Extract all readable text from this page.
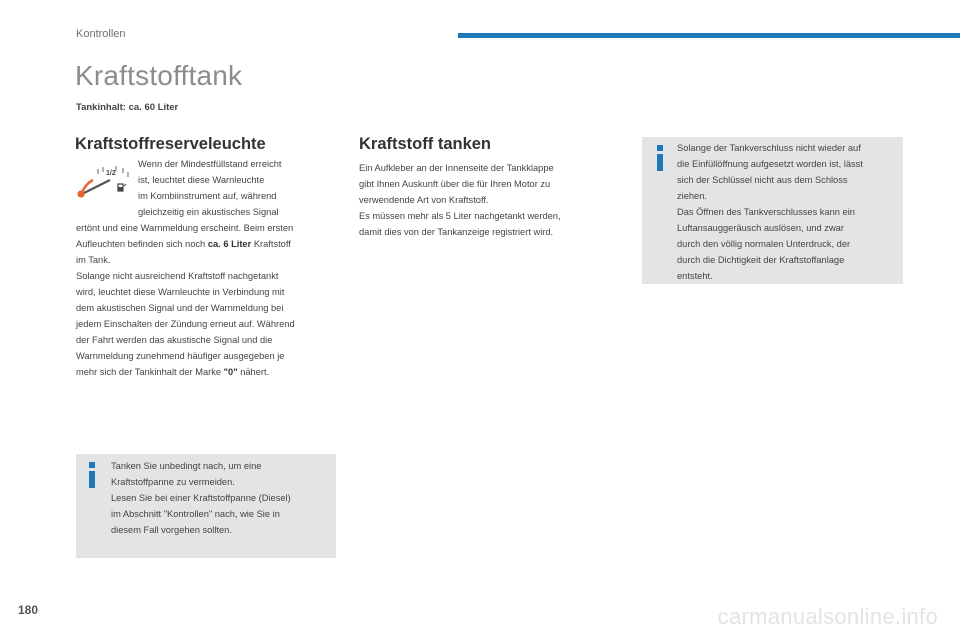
Kontrollen
Kraftstofftank
Tankinhalt: ca. 60 Liter
Kraftstoffreserveleuchte
1/2
Wenn der Mindestfüllstand erreicht
ist, leuchtet diese Warnleuchte
im Kombiinstrument auf, während
gleichzeitig ein akustisches Signal
ertönt und eine Warnmeldung erscheint. Beim ersten
Aufleuchten befinden sich noch ca. 6 Liter Kraftstoff
im Tank.
Solange nicht ausreichend Kraftstoff nachgetankt
wird, leuchtet diese Warnleuchte in Verbindung mit
dem akustischen Signal und der Warnmeldung bei
jedem Einschalten der Zündung erneut auf. Während
der Fahrt werden das akustische Signal und die
Warnmeldung zunehmend häufiger ausgegeben je
mehr sich der Tankinhalt der Marke "0" nähert.
Tanken Sie unbedingt nach, um eine
Kraftstoffpanne zu vermeiden.
Lesen Sie bei einer Kraftstoffpanne (Diesel)
im Abschnitt "Kontrollen" nach, wie Sie in
diesem Fall vorgehen sollten.
Kraftstoff tanken
Ein Aufkleber an der Innenseite der Tankklappe
gibt Ihnen Auskunft über die für Ihren Motor zu
verwendende Art von Kraftstoff.
Es müssen mehr als 5 Liter nachgetankt werden,
damit dies von der Tankanzeige registriert wird.
Solange der Tankverschluss nicht wieder auf
die Einfüllöffnung aufgesetzt worden ist, lässt
sich der Schlüssel nicht aus dem Schloss
ziehen.
Das Öffnen des Tankverschlusses kann ein
Luftansauggeräusch auslösen, und zwar
durch den völlig normalen Unterdruck, der
durch die Dichtigkeit der Kraftstoffanlage
entsteht.
180	carmanualsonline.info
